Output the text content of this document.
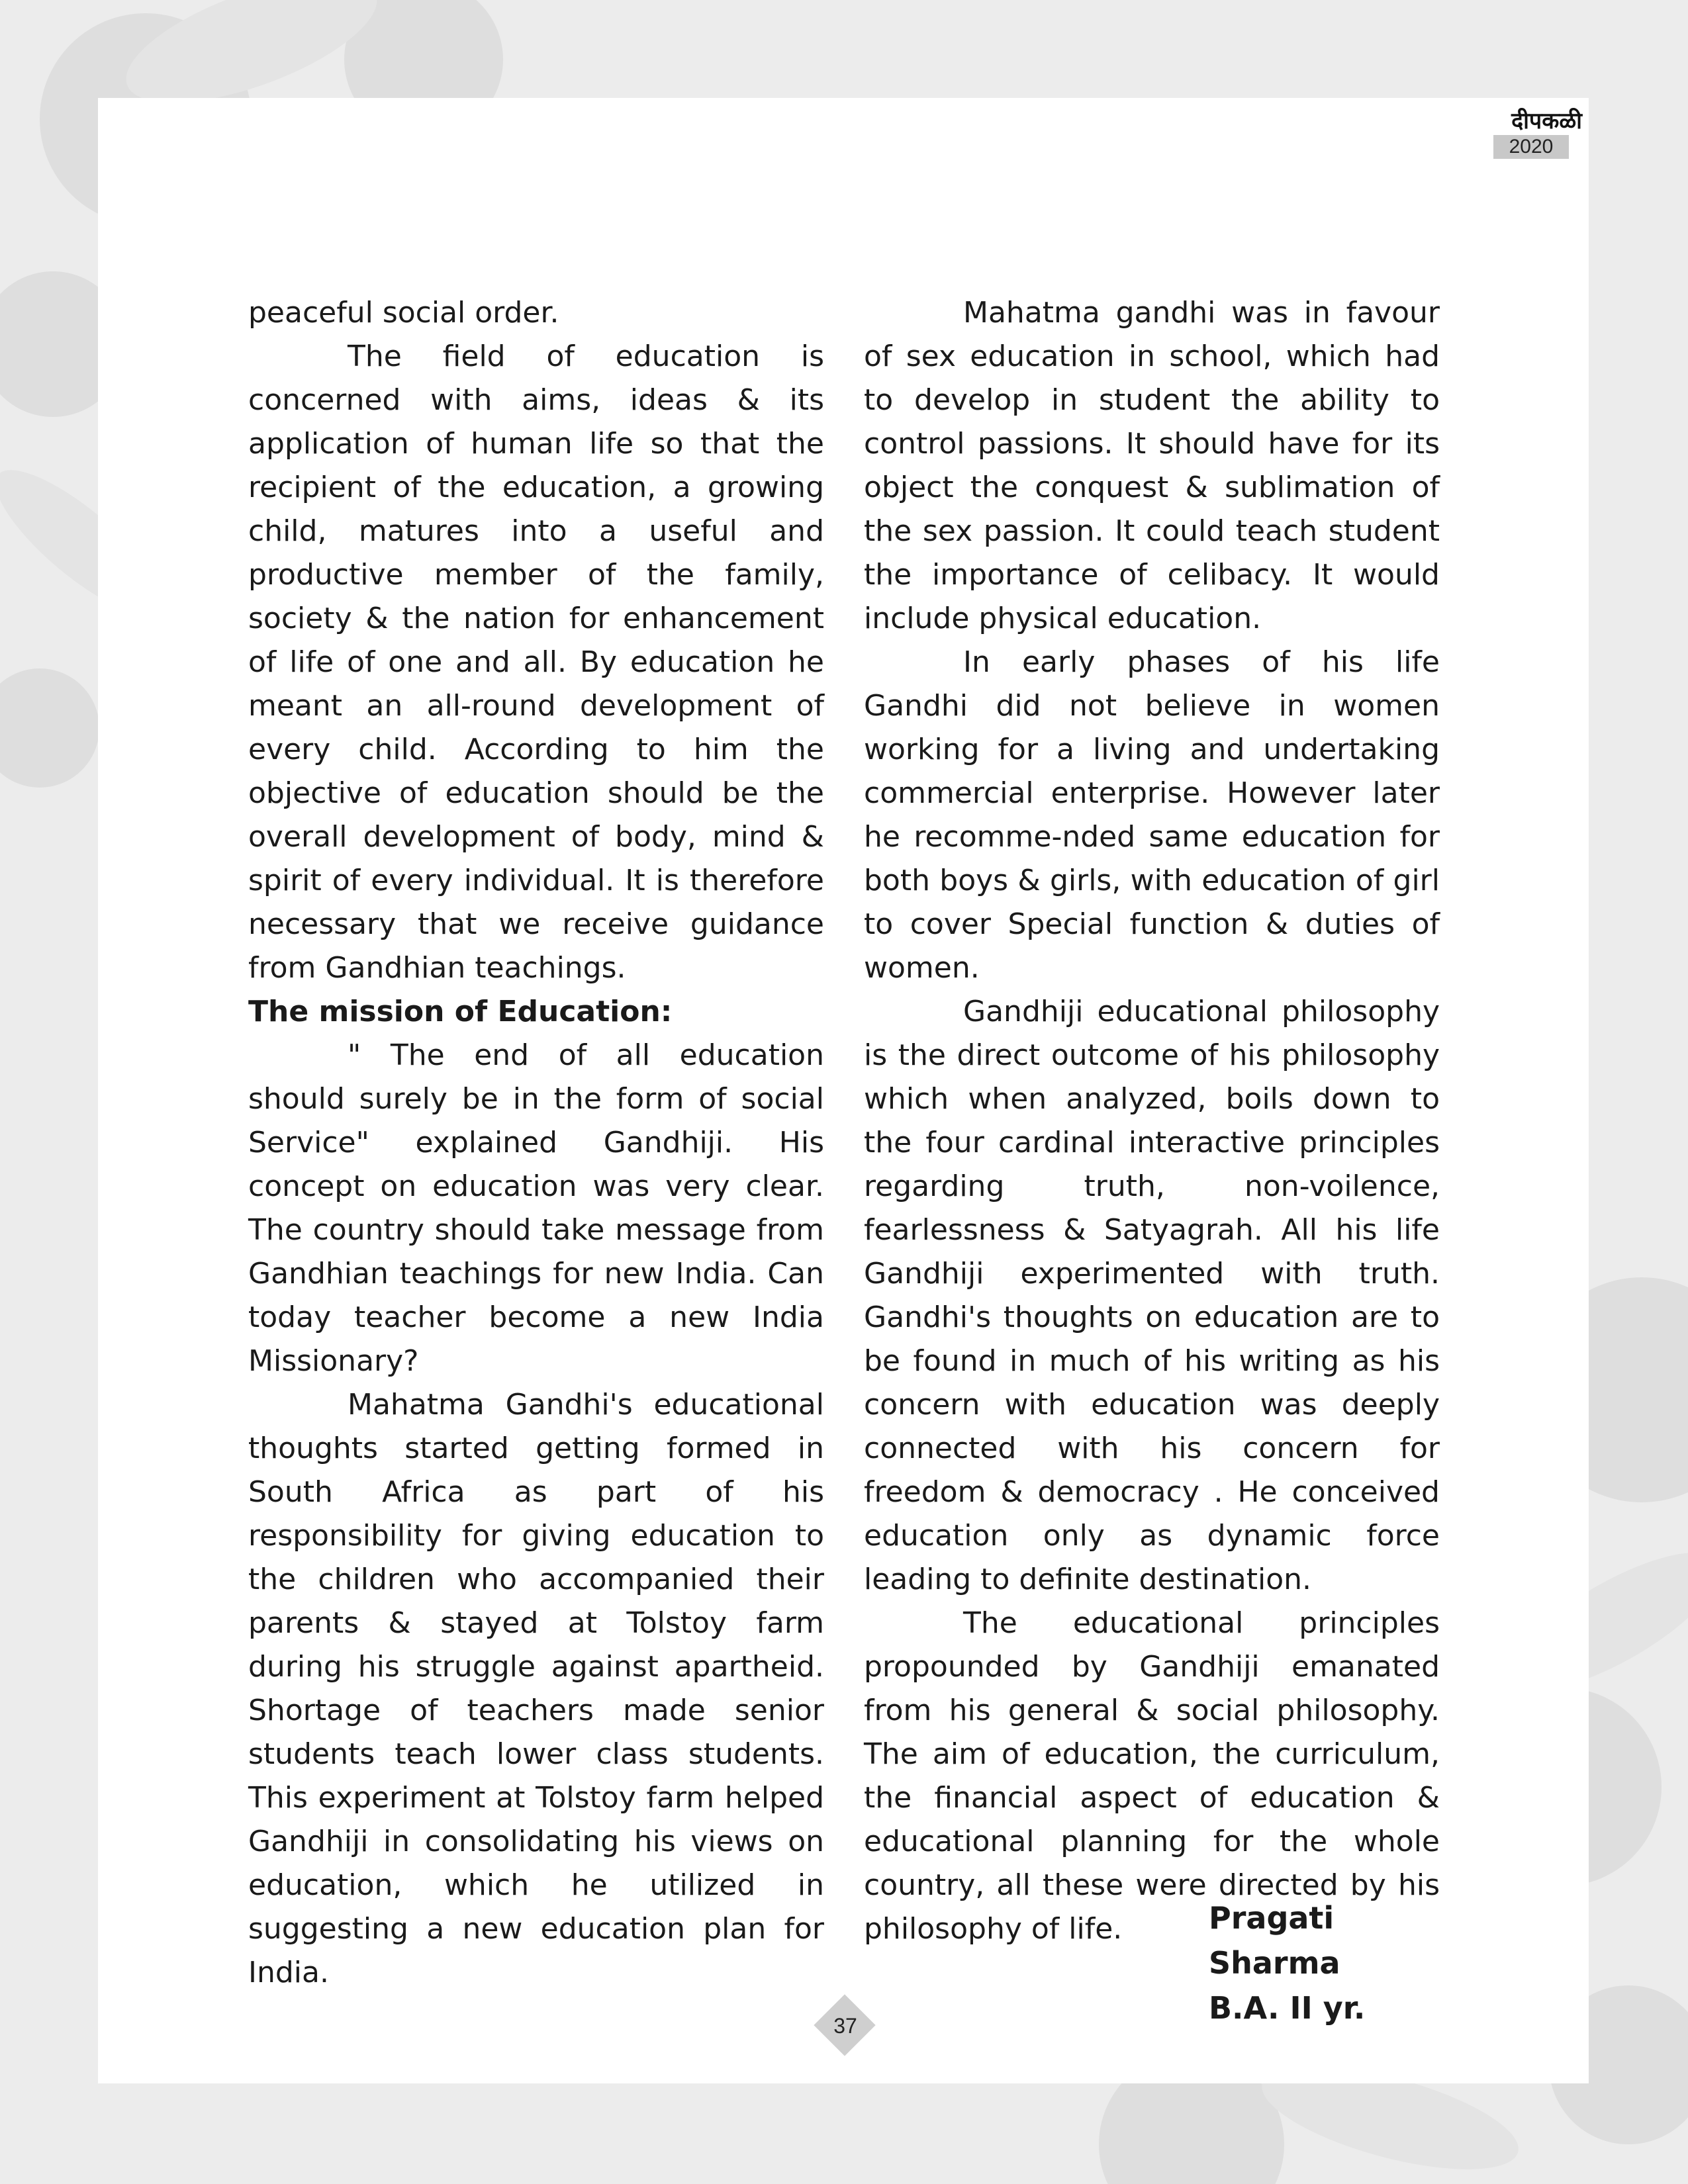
दीपकळी
2020

peaceful social order.

The field of education is concerned with aims, ideas & its application of human life so that the recipient of the education, a growing child, matures into a useful and productive member of the family, society & the nation for enhancement of life of one and all. By education he meant an all-round development of every child. According to him the objective of education should be the overall development of body, mind & spirit of every individual. It is therefore necessary that we receive guidance from Gandhian teachings.

The mission of Education:

" The end of all education should surely be in the form of social Service" explained Gandhiji. His concept on education was very clear. The country should take message from Gandhian teachings for new India. Can today teacher become a new India Missionary?

Mahatma Gandhi's educational thoughts started getting formed in South Africa as part of his responsibility for giving education to the children who accompanied their parents & stayed at Tolstoy farm during his struggle against apartheid. Shortage of teachers made senior students teach lower class students. This experiment at Tolstoy farm helped Gandhiji in consolidating his views on education, which he utilized in suggesting a new education plan for India.

Mahatma gandhi was in favour of sex education in school, which had to develop in student the ability to control passions. It should have for its object the conquest & sublimation of the sex passion. It could teach student the importance of celibacy. It would include physical education.

In early phases of his life Gandhi did not believe in women working for a living and undertaking commercial enterprise. However later he recomme-nded same education for both boys & girls, with education of girl to cover Special function & duties of women.

Gandhiji educational philosophy is the direct outcome of his philosophy which when analyzed, boils down to the four cardinal interactive principles regarding truth, non-voilence, fearlessness & Satyagrah. All his life Gandhiji experimented with truth. Gandhi's thoughts on education are to be found in much of his writing as his concern with education was deeply connected with his concern for freedom & democracy . He conceived education only as dynamic force leading to definite destination.

The educational principles propounded by Gandhiji emanated from his general & social philosophy. The aim of education, the curriculum, the financial aspect of education & educational planning for the whole country, all these were directed by his philosophy of life.	Pragati Sharma
B.A. II yr.
37
